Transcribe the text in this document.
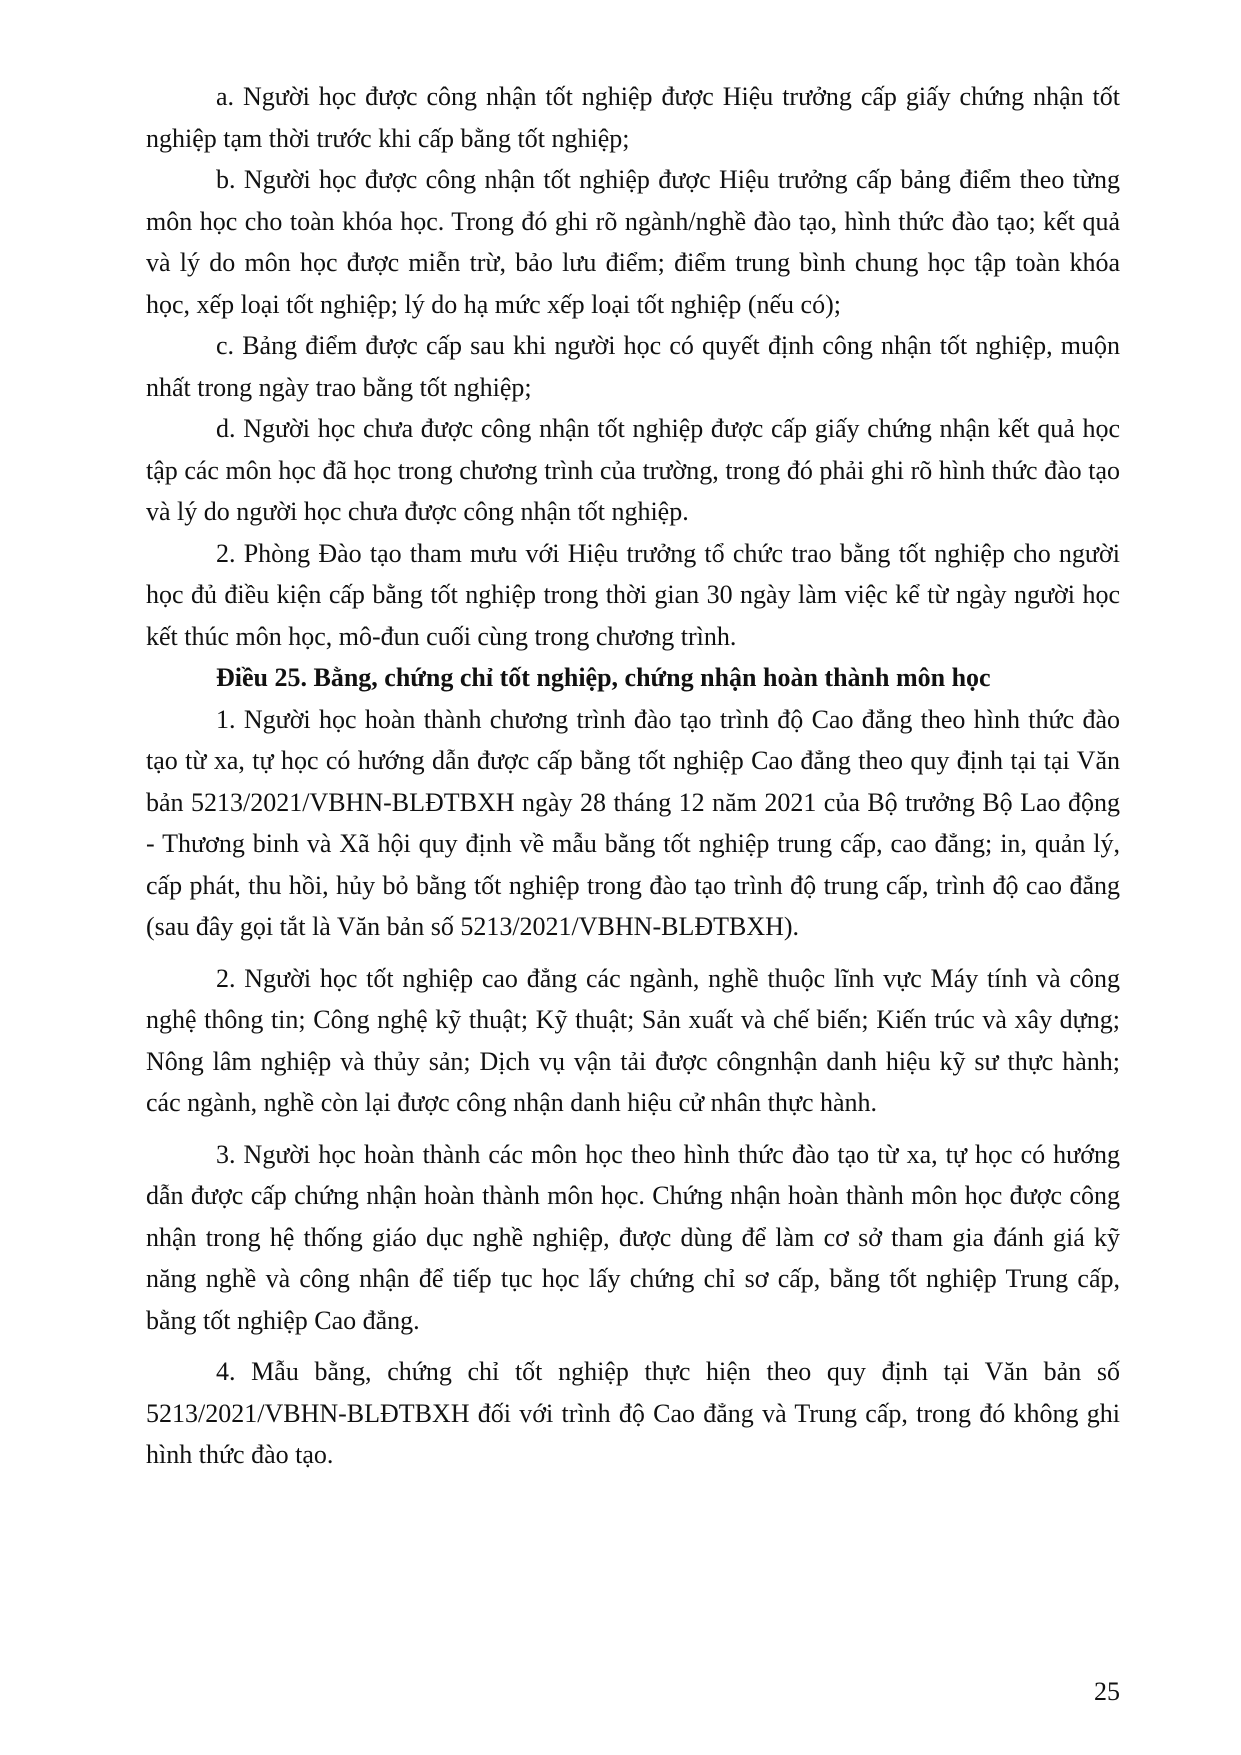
a. Người học được công nhận tốt nghiệp được Hiệu trưởng cấp giấy chứng nhận tốt nghiệp tạm thời trước khi cấp bằng tốt nghiệp;

b. Người học được công nhận tốt nghiệp được Hiệu trưởng cấp bảng điểm theo từng môn học cho toàn khóa học. Trong đó ghi rõ ngành/nghề đào tạo, hình thức đào tạo; kết quả và lý do môn học được miễn trừ, bảo lưu điểm; điểm trung bình chung học tập toàn khóa học, xếp loại tốt nghiệp; lý do hạ mức xếp loại tốt nghiệp (nếu có);

c. Bảng điểm được cấp sau khi người học có quyết định công nhận tốt nghiệp, muộn nhất trong ngày trao bằng tốt nghiệp;

d. Người học chưa được công nhận tốt nghiệp được cấp giấy chứng nhận kết quả học tập các môn học đã học trong chương trình của trường, trong đó phải ghi rõ hình thức đào tạo và lý do người học chưa được công nhận tốt nghiệp.

2. Phòng Đào tạo tham mưu với Hiệu trưởng tổ chức trao bằng tốt nghiệp cho người học đủ điều kiện cấp bằng tốt nghiệp trong thời gian 30 ngày làm việc kể từ ngày người học kết thúc môn học, mô-đun cuối cùng trong chương trình.

Điều 25. Bằng, chứng chỉ tốt nghiệp, chứng nhận hoàn thành môn học

1. Người học hoàn thành chương trình đào tạo trình độ Cao đẳng theo hình thức đào tạo từ xa, tự học có hướng dẫn được cấp bằng tốt nghiệp Cao đẳng theo quy định tại tại Văn bản 5213/2021/VBHN-BLĐTBXH ngày 28 tháng 12 năm 2021 của Bộ trưởng Bộ Lao động - Thương binh và Xã hội quy định về mẫu bằng tốt nghiệp trung cấp, cao đẳng; in, quản lý, cấp phát, thu hồi, hủy bỏ bằng tốt nghiệp trong đào tạo trình độ trung cấp, trình độ cao đẳng (sau đây gọi tắt là Văn bản số 5213/2021/VBHN-BLĐTBXH).

2. Người học tốt nghiệp cao đẳng các ngành, nghề thuộc lĩnh vực Máy tính và công nghệ thông tin; Công nghệ kỹ thuật; Kỹ thuật; Sản xuất và chế biến; Kiến trúc và xây dựng; Nông lâm nghiệp và thủy sản; Dịch vụ vận tải được côngnhận danh hiệu kỹ sư thực hành; các ngành, nghề còn lại được công nhận danh hiệu cử nhân thực hành.

3. Người học hoàn thành các môn học theo hình thức đào tạo từ xa, tự học có hướng dẫn được cấp chứng nhận hoàn thành môn học. Chứng nhận hoàn thành môn học được công nhận trong hệ thống giáo dục nghề nghiệp, được dùng để làm cơ sở tham gia đánh giá kỹ năng nghề và công nhận để tiếp tục học lấy chứng chỉ sơ cấp, bằng tốt nghiệp Trung cấp, bằng tốt nghiệp Cao đẳng.

4. Mẫu bằng, chứng chỉ tốt nghiệp thực hiện theo quy định tại Văn bản số 5213/2021/VBHN-BLĐTBXH đối với trình độ Cao đẳng và Trung cấp, trong đó không ghi hình thức đào tạo.

25
